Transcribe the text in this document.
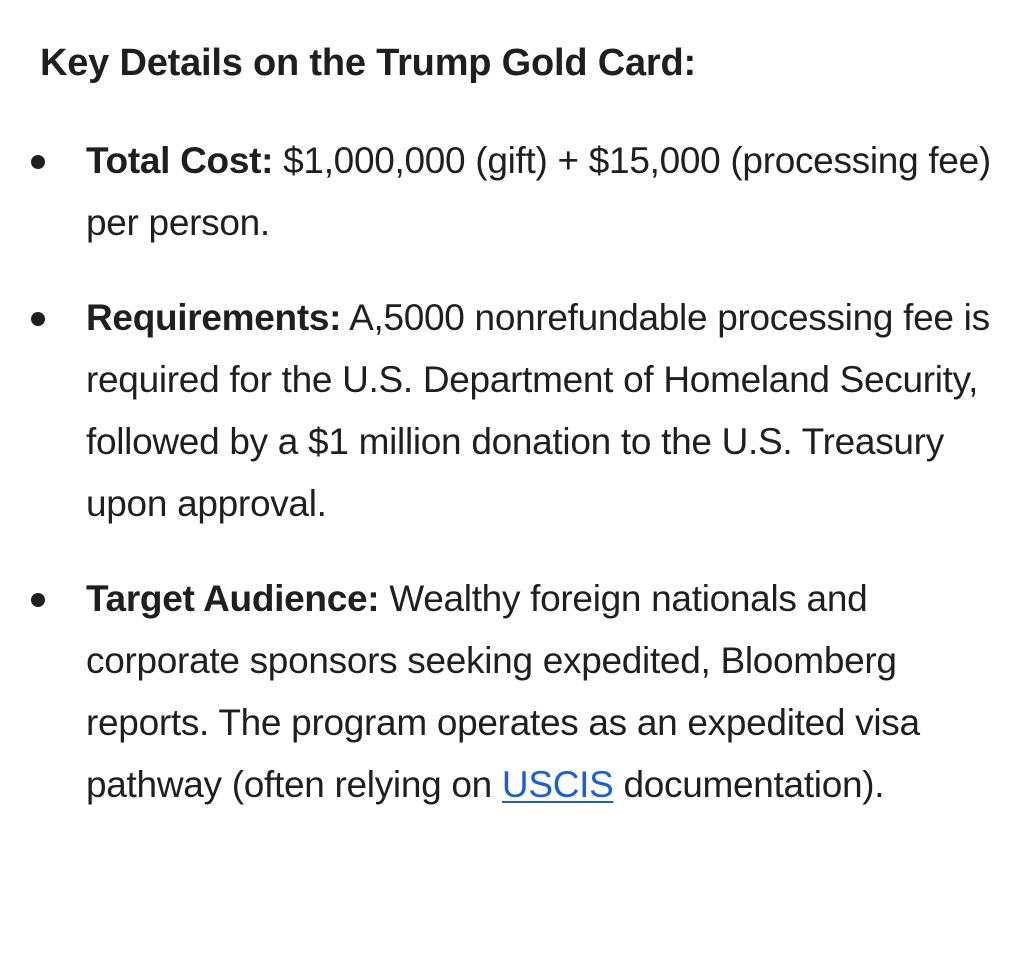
Key Details on the Trump Gold Card:
Total Cost: $1,000,000 (gift) + $15,000 (processing fee) per person.
Requirements: A,5000 nonrefundable processing fee is required for the U.S. Department of Homeland Security, followed by a $1 million donation to the U.S. Treasury upon approval.
Target Audience: Wealthy foreign nationals and corporate sponsors seeking expedited, Bloomberg reports. The program operates as an expedited visa pathway (often relying on USCIS documentation).
